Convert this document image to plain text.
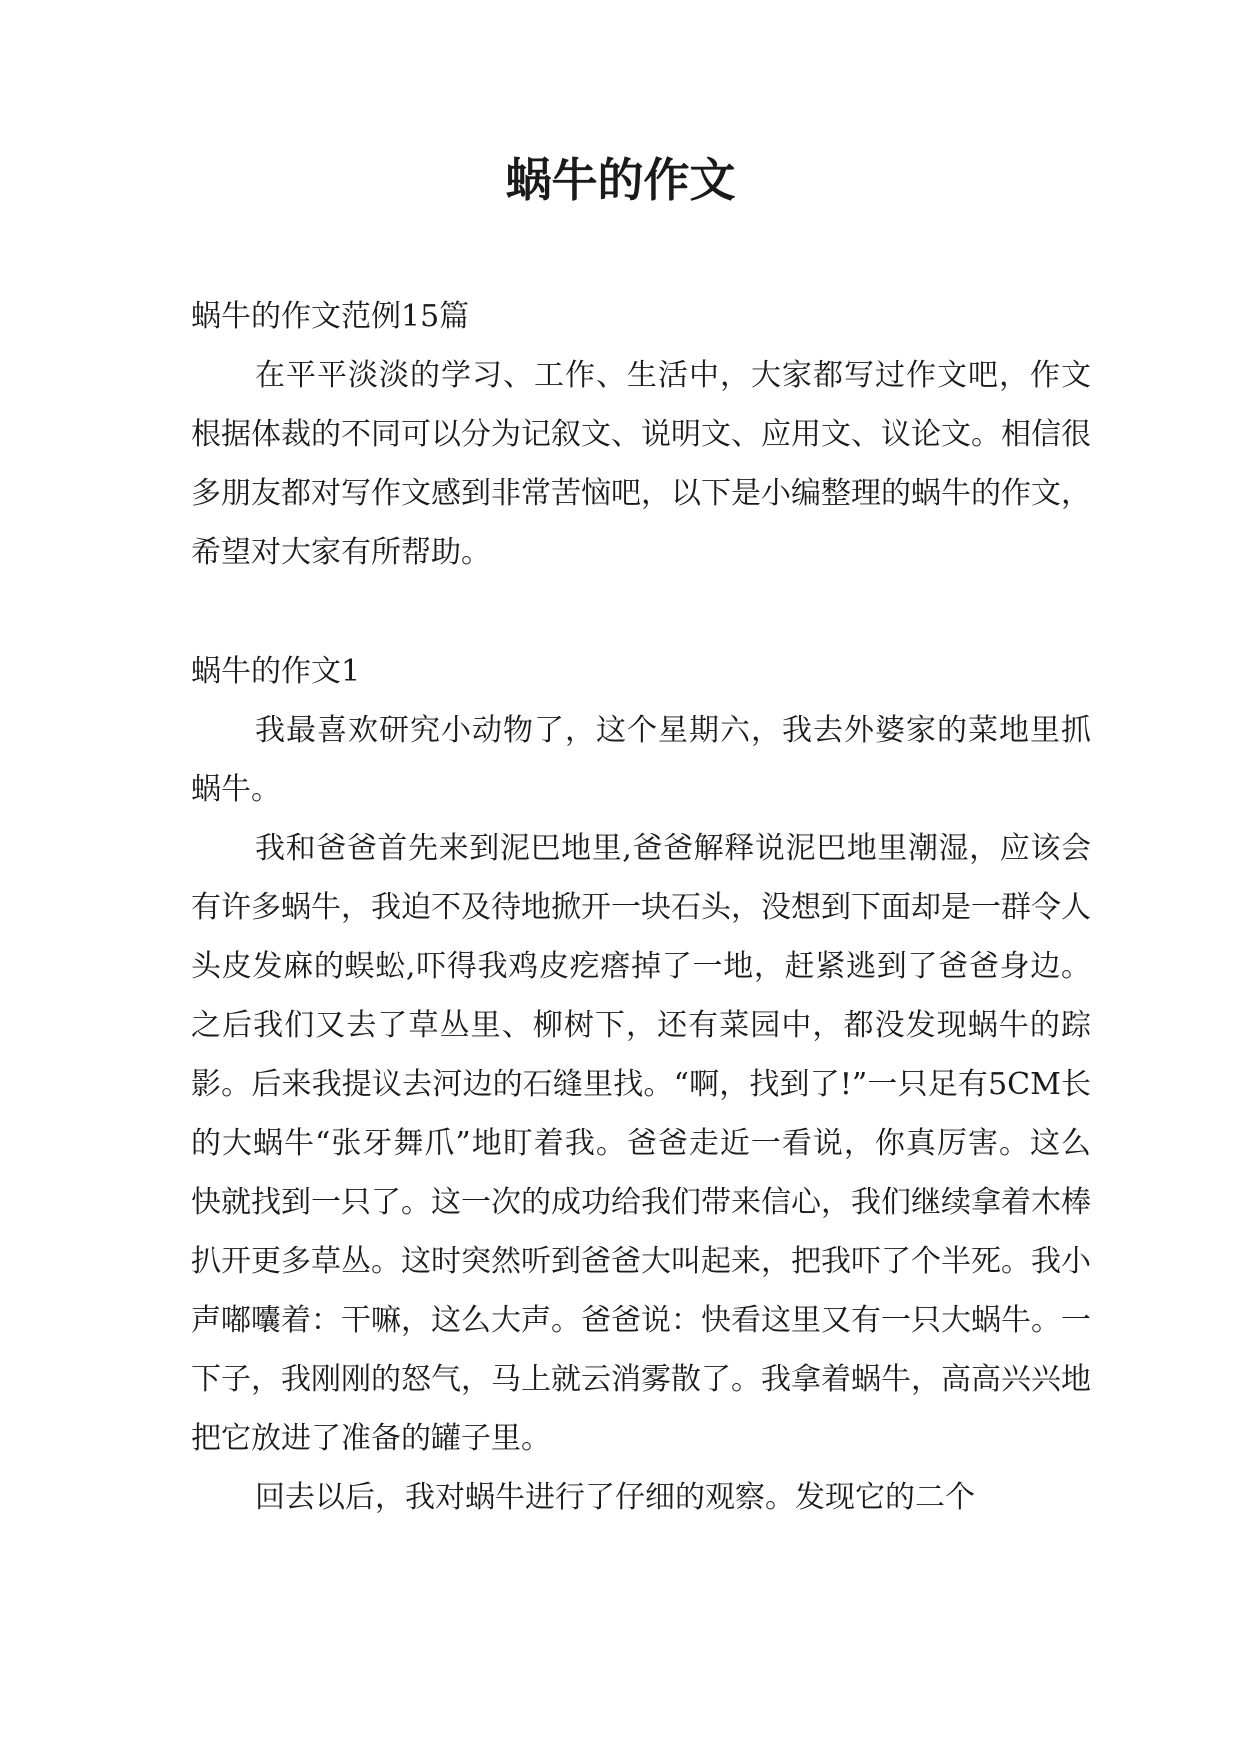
蜗牛的作文

蜗牛的作文范例15篇

在平平淡淡的学习、工作、生活中，大家都写过作文吧，作文根据体裁的不同可以分为记叙文、说明文、应用文、议论文。相信很多朋友都对写作文感到非常苦恼吧，以下是小编整理的蜗牛的作文，希望对大家有所帮助。

蜗牛的作文1

我最喜欢研究小动物了，这个星期六，我去外婆家的菜地里抓蜗牛。

我和爸爸首先来到泥巴地里,爸爸解释说泥巴地里潮湿，应该会有许多蜗牛，我迫不及待地掀开一块石头，没想到下面却是一群令人头皮发麻的蜈蚣,吓得我鸡皮疙瘩掉了一地，赶紧逃到了爸爸身边。之后我们又去了草丛里、柳树下，还有菜园中，都没发现蜗牛的踪影。后来我提议去河边的石缝里找。“啊，找到了!”一只足有5CM长的大蜗牛“张牙舞爪”地盯着我。爸爸走近一看说，你真厉害。这么快就找到一只了。这一次的成功给我们带来信心，我们继续拿着木棒扒开更多草丛。这时突然听到爸爸大叫起来，把我吓了个半死。我小声嘟囔着：干嘛，这么大声。爸爸说：快看这里又有一只大蜗牛。一下子，我刚刚的怒气，马上就云消雾散了。我拿着蜗牛，高高兴兴地把它放进了准备的罐子里。

回去以后，我对蜗牛进行了仔细的观察。发现它的二个
